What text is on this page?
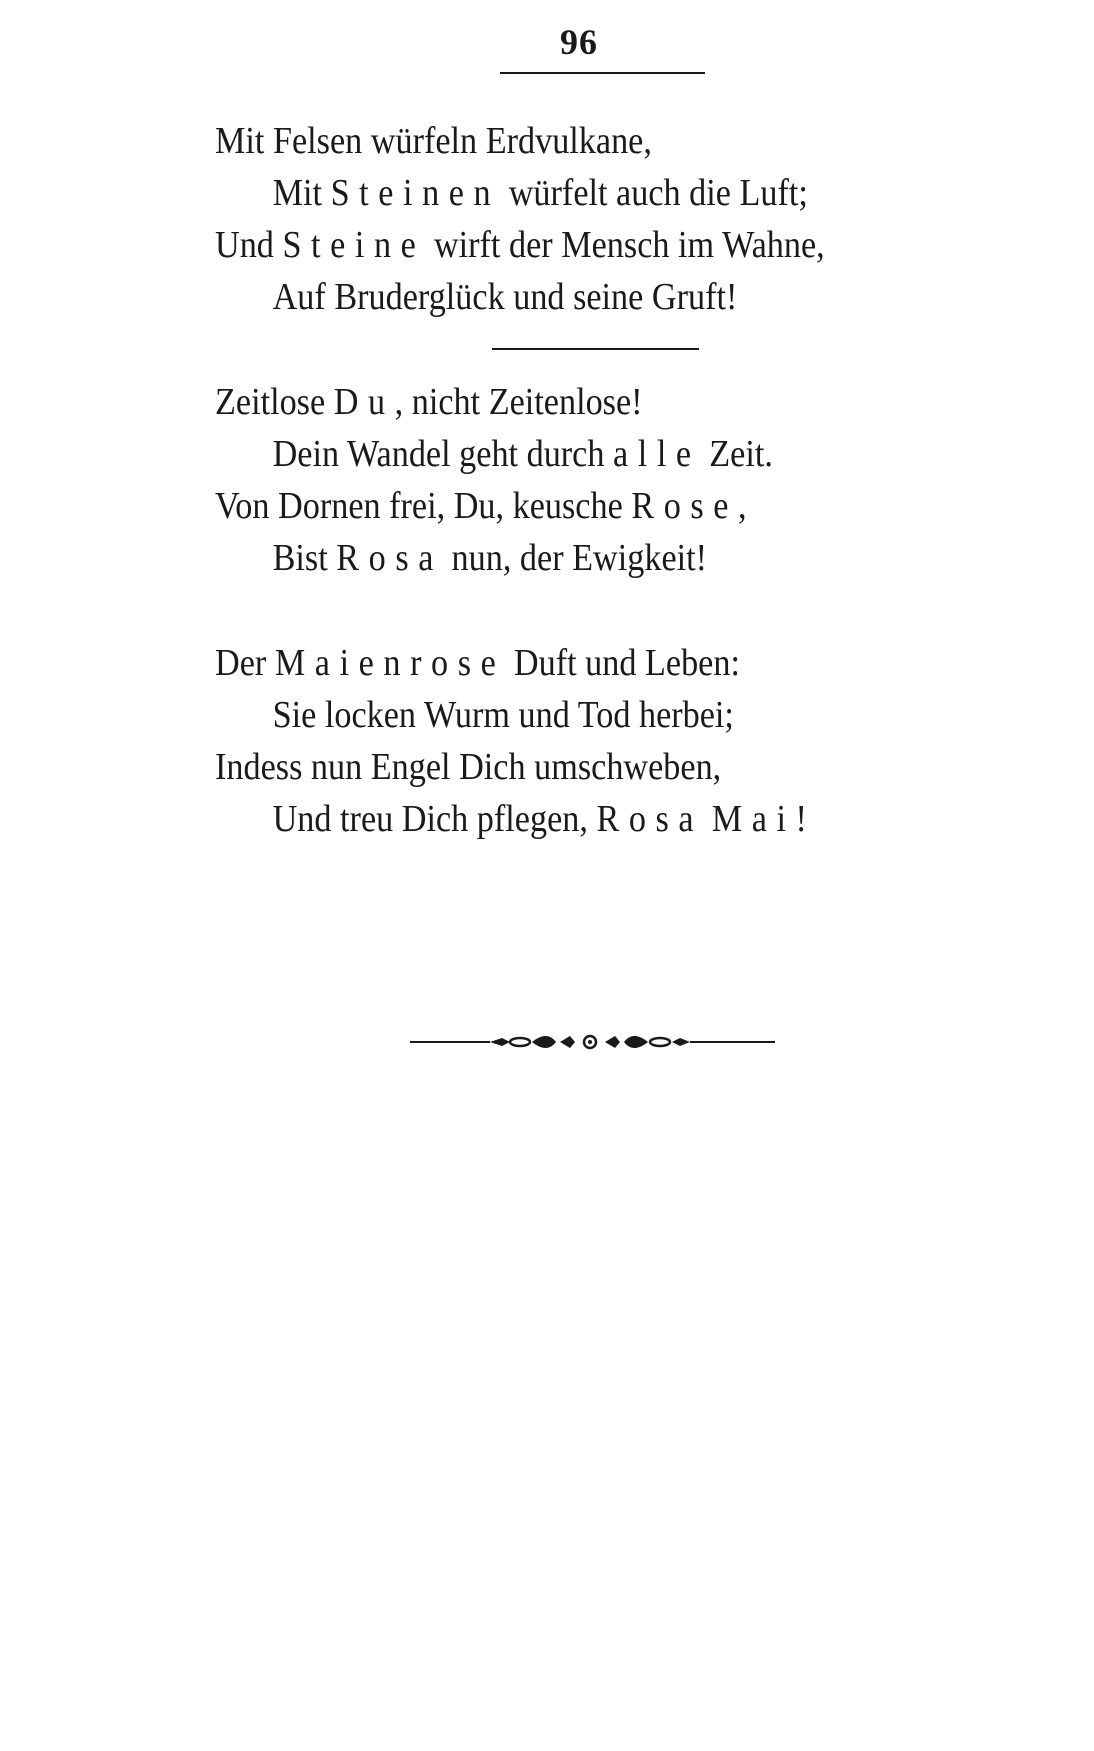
96
Mit Felsen würfeln Erdvulkane,
Mit Steinen würfelt auch die Luft;
Und Steine wirft der Mensch im Wahne,
Auf Bruderglück und seine Gruft!
Zeitlose Du, nicht Zeitenlose!
Dein Wandel geht durch alle Zeit.
Von Dornen frei, Du, keusche Rose,
Bist Rosa nun, der Ewigkeit!
Der Maienrose Duft und Leben:
Sie locken Wurm und Tod herbei;
Indess nun Engel Dich umschweben,
Und treu Dich pflegen, Rosa Mai!
